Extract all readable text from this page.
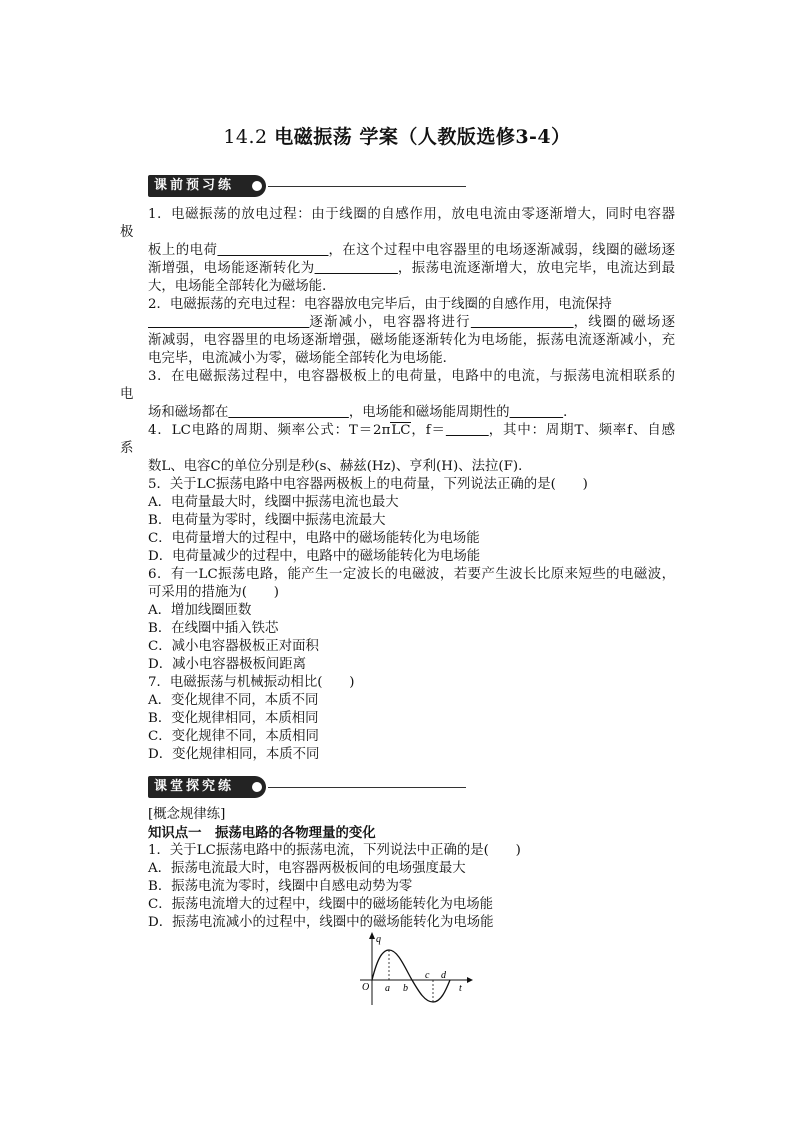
14.2 电磁振荡 学案（人教版选修3-4）
课前预习练
1．电磁振荡的放电过程：由于线圈的自感作用，放电电流由零逐渐增大，同时电容器
极
板上的电荷　　　　　　　　	，在这个过程中电容器里的电场逐渐减弱，线圈的磁场逐
渐增强，电场能逐渐转化为　　　　　　	，振荡电流逐渐增大，放电完毕，电流达到最
大，电场能全部转化为磁场能．
2．电磁振荡的充电过程：电容器放电完毕后，由于线圈的自感作用，电流保持
　　　　　　　　　　　逐渐减小，电容器将进行　　　　　　　	，线圈的磁场逐
渐减弱，电容器里的电场逐渐增强，磁场能逐渐转化为电场能，振荡电流逐渐减小，充
电完毕，电流减小为零，磁场能全部转化为电场能．
3．在电磁振荡过程中，电容器极板上的电荷量，电路中的电流，与振荡电流相联系的
电
场和磁场都在　　　　　　　　　	，电场能和磁场能周期性的　　　　	．
4．LC电路的周期、频率公式：T＝2πLC，f＝　　　	，其中：周期T、频率f、自感
系
数L、电容C的单位分别是秒(s、赫兹(Hz)、亨利(H)、法拉(F)．
5．关于LC振荡电路中电容器两极板上的电荷量，下列说法正确的是(　　)
A．电荷量最大时，线圈中振荡电流也最大
B．电荷量为零时，线圈中振荡电流最大
C．电荷量增大的过程中，电路中的磁场能转化为电场能
D．电荷量减少的过程中，电路中的磁场能转化为电场能
6．有一LC振荡电路，能产生一定波长的电磁波，若要产生波长比原来短些的电磁波，
可采用的措施为(　　)
A．增加线圈匝数
B．在线圈中插入铁芯
C．减小电容器极板正对面积
D．减小电容器极板间距离
7．电磁振荡与机械振动相比(　　)
A．变化规律不同，本质不同
B．变化规律相同，本质相同
C．变化规律不同，本质相同
D．变化规律相同，本质不同
课堂探究练
[概念规律练]
知识点一　振荡电路的各物理量的变化
1．关于LC振荡电路中的振荡电流，下列说法中正确的是(　　)
A．振荡电流最大时，电容器两极板间的电场强度最大
B．振荡电流为零时，线圈中自感电动势为零
C．振荡电流增大的过程中，线圈中的磁场能转化为电场能
D．振荡电流减小的过程中，线圈中的磁场能转化为电场能
q
t
O a b
c d
